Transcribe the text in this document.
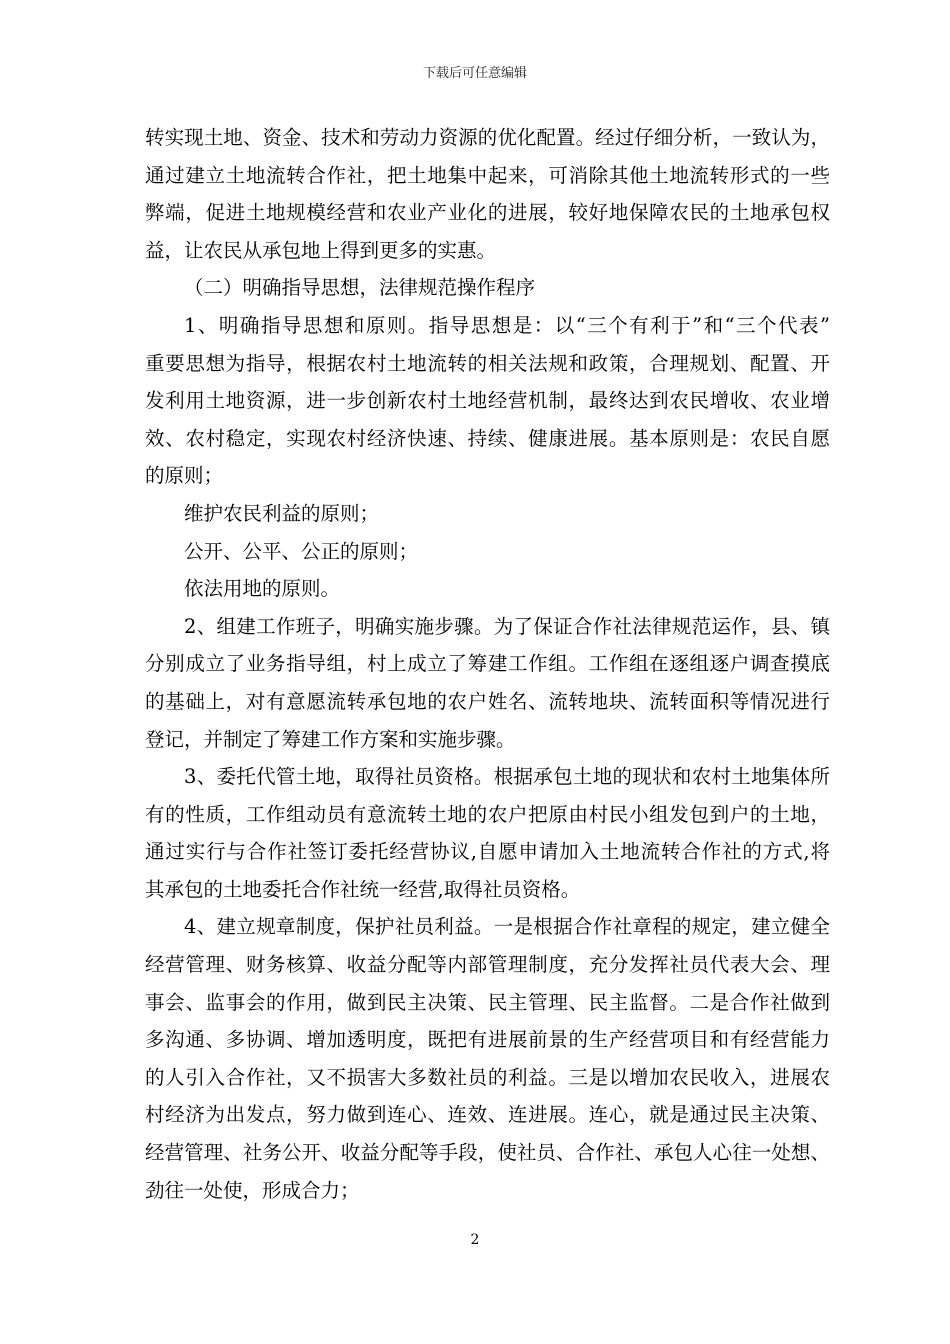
下载后可任意编辑
转实现土地、资金、技术和劳动力资源的优化配置。经过仔细分析，一致认为，
通过建立土地流转合作社，把土地集中起来，可消除其他土地流转形式的一些
弊端，促进土地规模经营和农业产业化的进展，较好地保障农民的土地承包权
益，让农民从承包地上得到更多的实惠。
（二）明确指导思想，法律规范操作程序
1、明确指导思想和原则。指导思想是：以“三个有利于”和“三个代表”
重要思想为指导，根据农村土地流转的相关法规和政策，合理规划、配置、开
发利用土地资源，进一步创新农村土地经营机制，最终达到农民增收、农业增
效、农村稳定，实现农村经济快速、持续、健康进展。基本原则是：农民自愿
的原则；
维护农民利益的原则；
公开、公平、公正的原则；
依法用地的原则。
2、组建工作班子，明确实施步骤。为了保证合作社法律规范运作，县、镇
分别成立了业务指导组，村上成立了筹建工作组。工作组在逐组逐户调查摸底
的基础上，对有意愿流转承包地的农户姓名、流转地块、流转面积等情况进行
登记，并制定了筹建工作方案和实施步骤。
3、委托代管土地，取得社员资格。根据承包土地的现状和农村土地集体所
有的性质，工作组动员有意流转土地的农户把原由村民小组发包到户的土地，
通过实行与合作社签订委托经营协议,自愿申请加入土地流转合作社的方式,将
其承包的土地委托合作社统一经营,取得社员资格。
4、建立规章制度，保护社员利益。一是根据合作社章程的规定，建立健全
经营管理、财务核算、收益分配等内部管理制度，充分发挥社员代表大会、理
事会、监事会的作用，做到民主决策、民主管理、民主监督。二是合作社做到
多沟通、多协调、增加透明度，既把有进展前景的生产经营项目和有经营能力
的人引入合作社，又不损害大多数社员的利益。三是以增加农民收入，进展农
村经济为出发点，努力做到连心、连效、连进展。连心，就是通过民主决策、
经营管理、社务公开、收益分配等手段，使社员、合作社、承包人心往一处想、
劲往一处使，形成合力；
2
